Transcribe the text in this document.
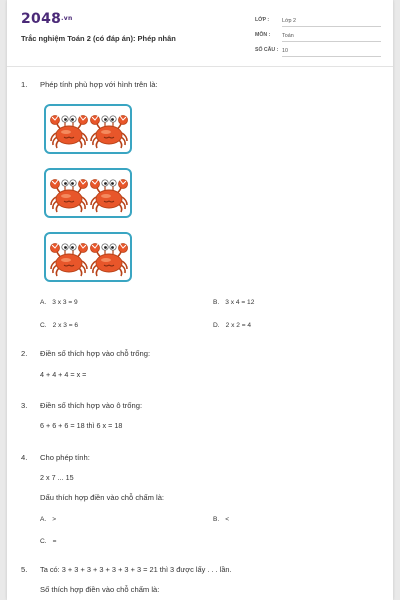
$2048^{.vn}$
Trắc nghiệm Toán 2 (có đáp án): Phép nhân
LỚP :	Lớp 2
MÔN :	Toán
SỐ CÂU : 10
1. Phép tính phù hợp với hình trên là:
A. 3 x 3 = 9	B. 3 x 4 = 12
C. 2 x 3 = 6	D. 2 x 2 = 4
2. Điền số thích hợp vào chỗ trống:
4 + 4 + 4 = x =
3. Điền số thích hợp vào ô trống:
6 + 6 + 6 = 18 thì 6 x = 18
4. Cho phép tính:
2 x 7 ... 15
Dấu thích hợp điền vào chỗ chấm là:
A. >	B. <
C. =
5. Ta có: 3 + 3 + 3 + 3 + 3 + 3 + 3 = 21 thì 3 được lấy . . . lần.
Số thích hợp điền vào chỗ chấm là:
